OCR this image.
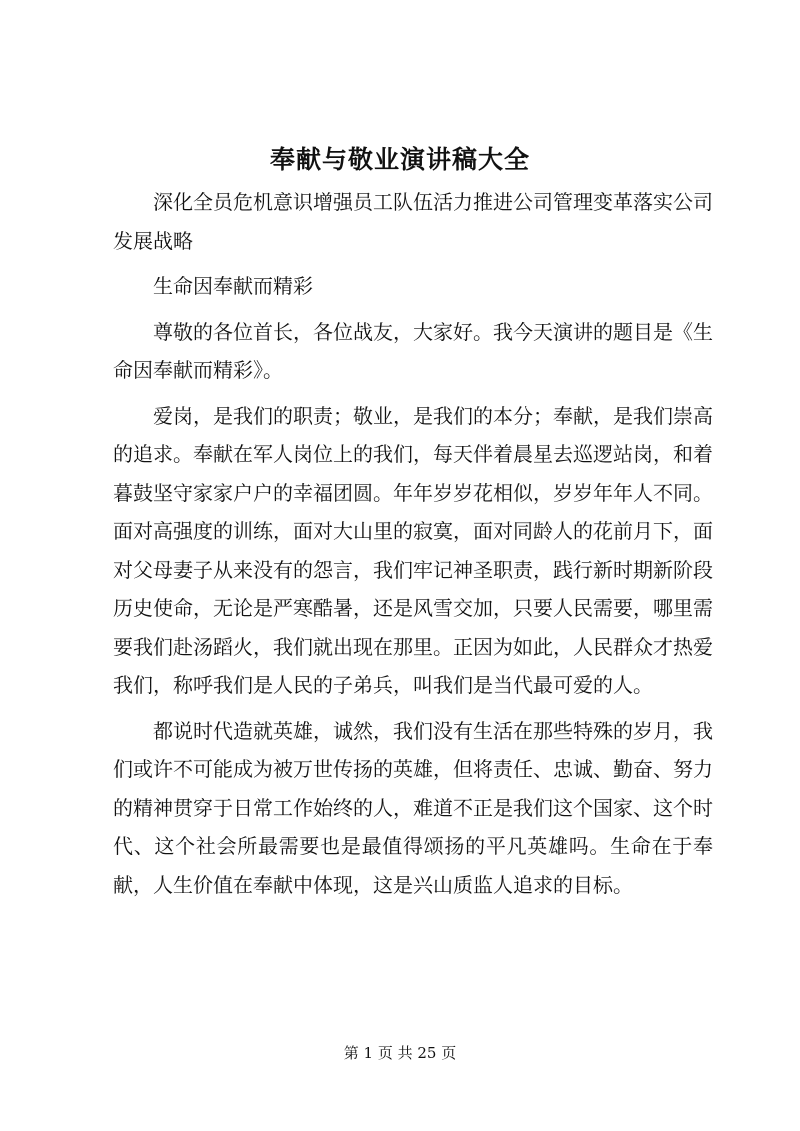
奉献与敬业演讲稿大全

深化全员危机意识增强员工队伍活力推进公司管理变革落实公司发展战略

生命因奉献而精彩

尊敬的各位首长，各位战友，大家好。我今天演讲的题目是《生命因奉献而精彩》。

爱岗，是我们的职责；敬业，是我们的本分；奉献，是我们崇高的追求。奉献在军人岗位上的我们，每天伴着晨星去巡逻站岗，和着暮鼓坚守家家户户的幸福团圆。年年岁岁花相似，岁岁年年人不同。面对高强度的训练，面对大山里的寂寞，面对同龄人的花前月下，面对父母妻子从来没有的怨言，我们牢记神圣职责，践行新时期新阶段历史使命，无论是严寒酷暑，还是风雪交加，只要人民需要，哪里需要我们赴汤蹈火，我们就出现在那里。正因为如此，人民群众才热爱我们，称呼我们是人民的子弟兵，叫我们是当代最可爱的人。

都说时代造就英雄，诚然，我们没有生活在那些特殊的岁月，我们或许不可能成为被万世传扬的英雄，但将责任、忠诚、勤奋、努力的精神贯穿于日常工作始终的人，难道不正是我们这个国家、这个时代、这个社会所最需要也是最值得颂扬的平凡英雄吗。生命在于奉献，人生价值在奉献中体现，这是兴山质监人追求的目标。

第 1 页 共 25 页
